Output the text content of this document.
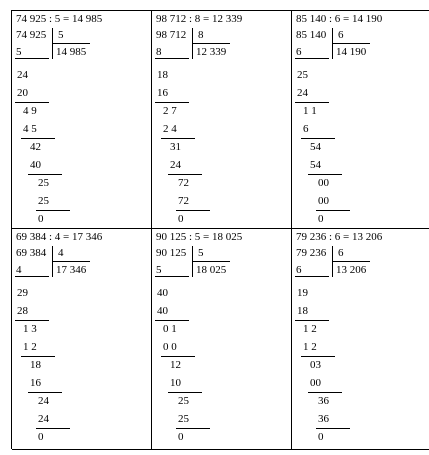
74 925 : 5 = 14 985
74 925 5
5	14 985
24
20
4 9
4 5
42
40
25
25
0
98 712 : 8 = 12 339
98 712 8
8	12 339
18
16
2 7
2 4
31
24
72
72
0
85 140 : 6 = 14 190
85 140 6
6	14 190
25
24
1 1
6
54
54
00
00
0
69 384 : 4 = 17 346
69 384 4
4	17 346
29
28
1 3
1 2
18
16
24
24
0
90 125 : 5 = 18 025
90 125 5
5	18 025
40
40
0 1
0 0
12
10
25
25
0
79 236 : 6 = 13 206
79 236 6
6	13 206
19
18
1 2
1 2
03
00
36
36
0
